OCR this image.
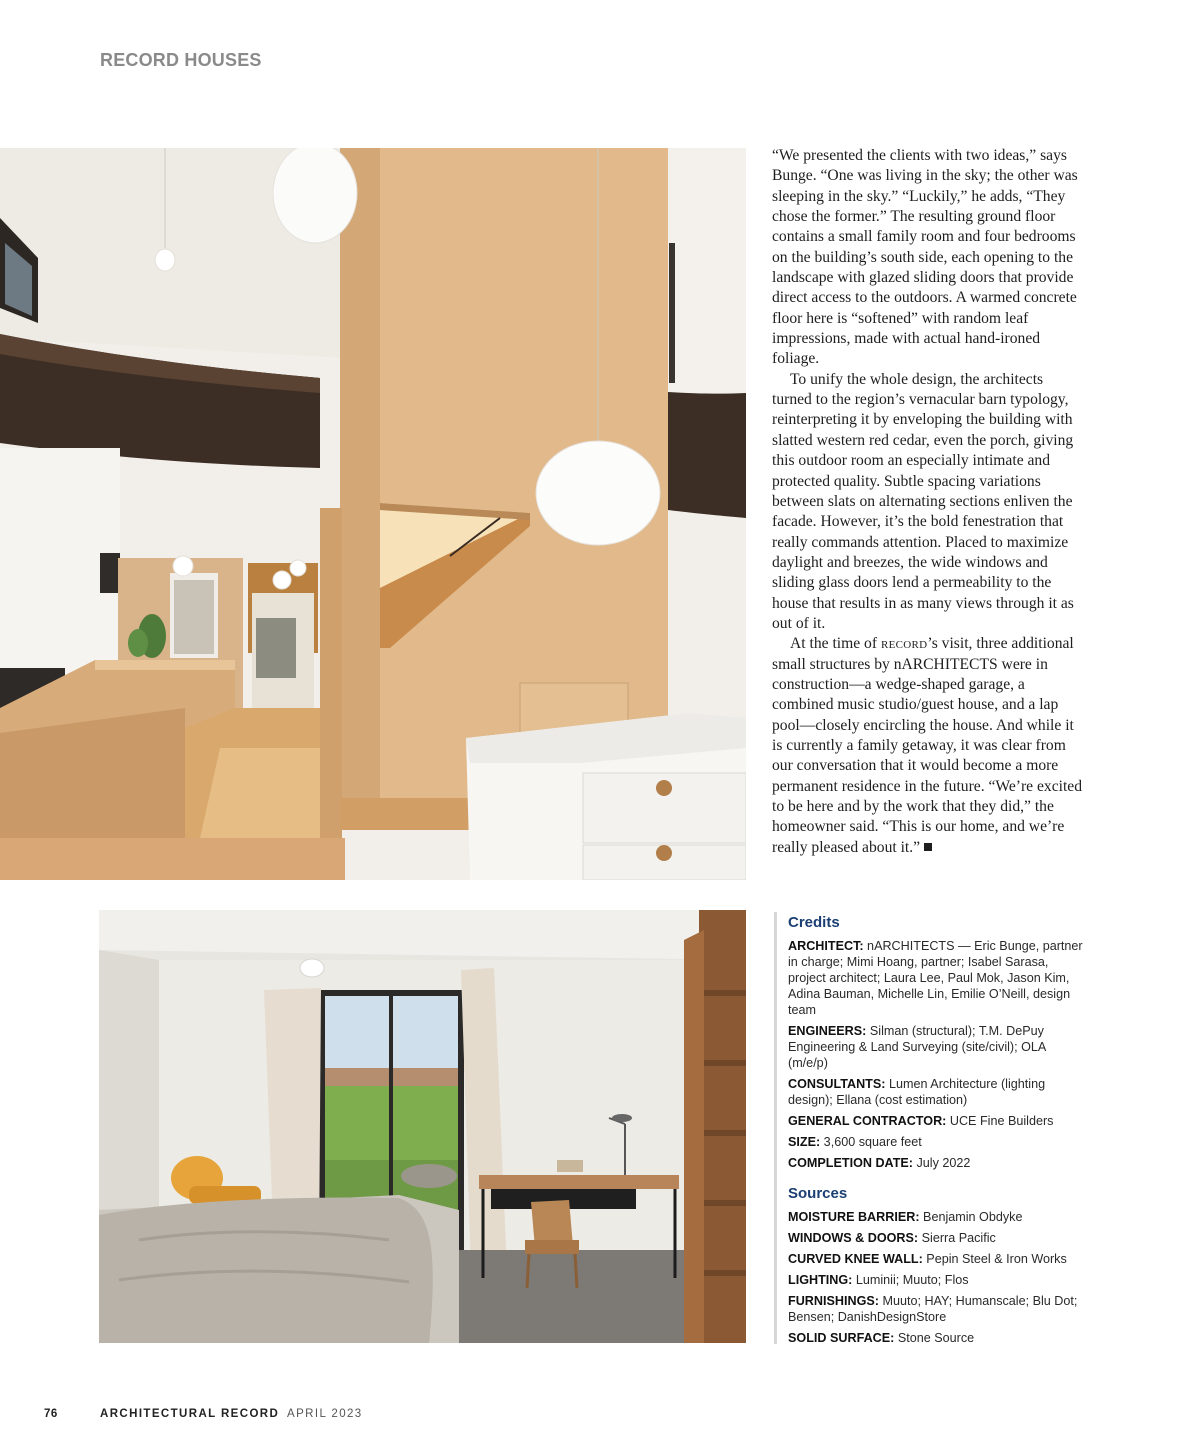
RECORD HOUSES

“We presented the clients with two ideas,” says Bunge. “One was living in the sky; the other was sleeping in the sky.” “Luckily,” he adds, “They chose the former.” The resulting ground floor contains a small family room and four bedrooms on the building’s south side, each opening to the landscape with glazed sliding doors that provide direct access to the outdoors. A warmed concrete floor here is “softened” with random leaf impressions, made with actual hand-ironed foliage.

To unify the whole design, the architects turned to the region’s vernacular barn typology, reinterpreting it by enveloping the building with slatted western red cedar, even the porch, giving this outdoor room an especially intimate and protected quality. Subtle spacing variations between slats on alternating sections enliven the facade. However, it’s the bold fenestration that really commands attention. Placed to maximize daylight and breezes, the wide windows and sliding glass doors lend a permeability to the house that results in as many views through it as out of it.

At the time of record’s visit, three additional small structures by nARCHITECTS were in construction—a wedge-shaped garage, a combined music studio/guest house, and a lap pool—closely encircling the house. And while it is currently a family getaway, it was clear from our conversation that it would become a more permanent residence in the future. “We’re excited to be here and by the work that they did,” the homeowner said. “This is our home, and we’re really pleased about it.”

Credits
ARCHITECT: nARCHITECTS — Eric Bunge, partner in charge; Mimi Hoang, partner; Isabel Sarasa, project architect; Laura Lee, Paul Mok, Jason Kim, Adina Bauman, Michelle Lin, Emilie O’Neill, design team
ENGINEERS: Silman (structural); T.M. DePuy Engineering & Land Surveying (site/civil); OLA (m/e/p)
CONSULTANTS: Lumen Architecture (lighting design); Ellana (cost estimation)
GENERAL CONTRACTOR: UCE Fine Builders
SIZE: 3,600 square feet
COMPLETION DATE: July 2022
Sources
MOISTURE BARRIER: Benjamin Obdyke
WINDOWS & DOORS: Sierra Pacific
CURVED KNEE WALL: Pepin Steel & Iron Works
LIGHTING: Luminii; Muuto; Flos
FURNISHINGS: Muuto; HAY; Humanscale; Blu Dot; Bensen; DanishDesignStore
SOLID SURFACE: Stone Source
76	ARCHITECTURAL RECORD APRIL 2023
